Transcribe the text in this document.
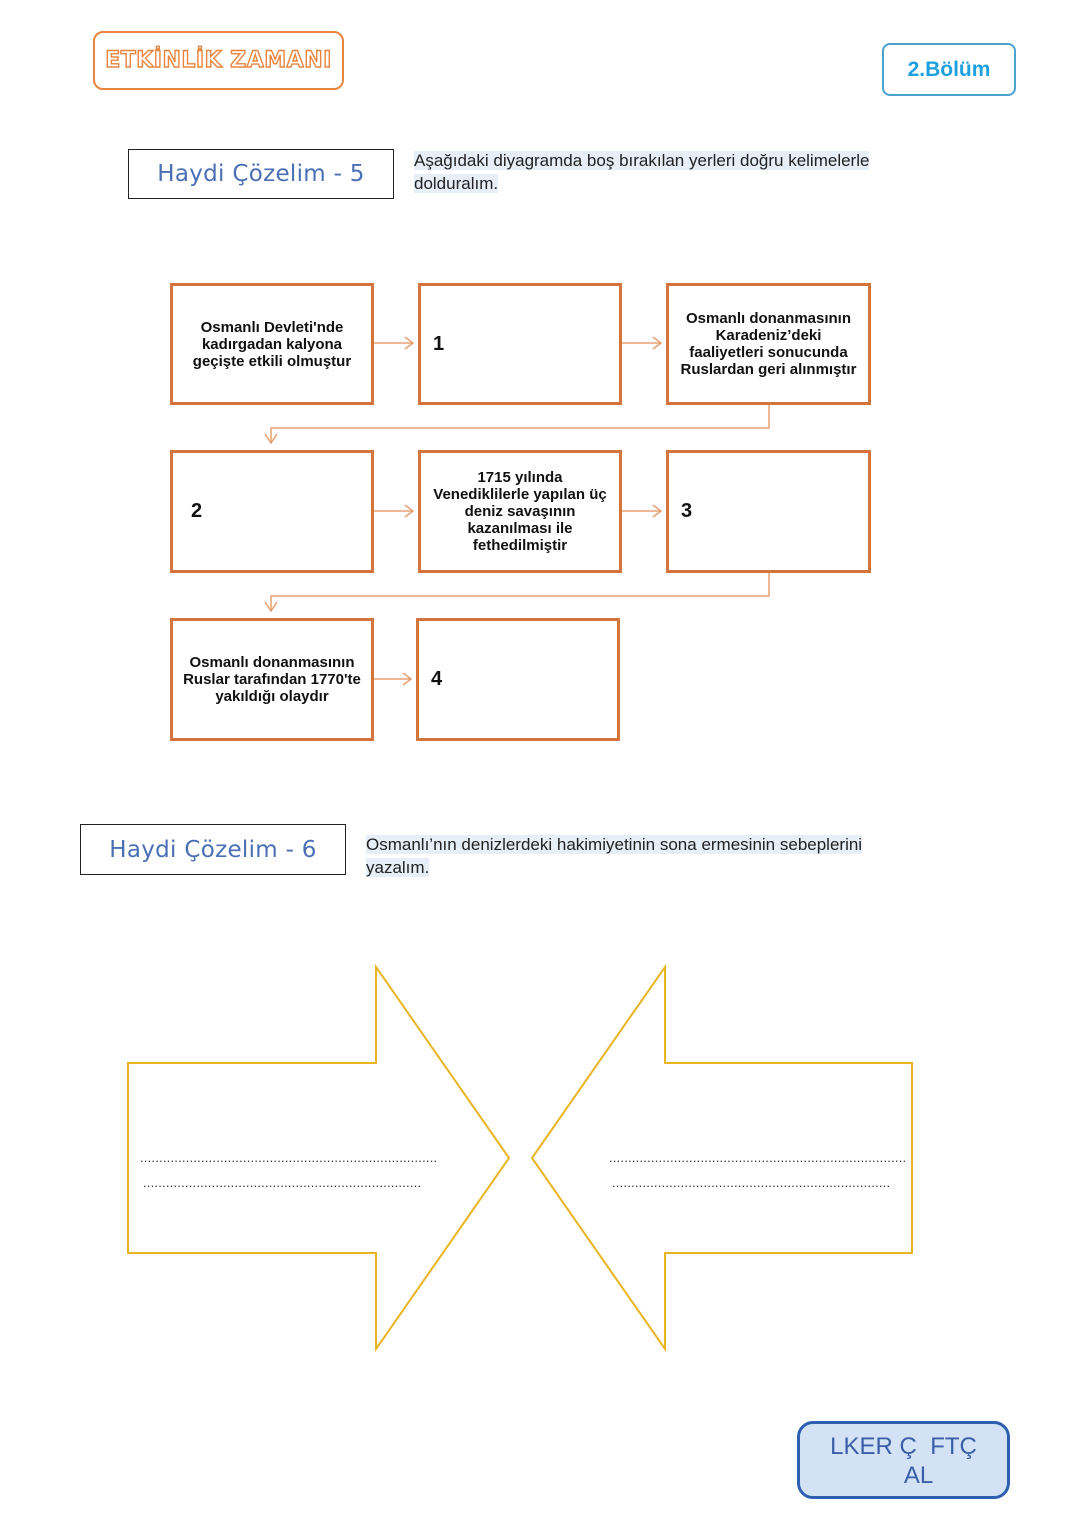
ETKİNLİK ZAMANI	2.Bölüm
Haydi Çözelim - 5
Aşağıdaki diyagramda boş bırakılan yerleri doğru kelimelerle dolduralım.
Osmanlı Devleti'nde kadırgadan kalyona geçişte etkili olmuştur
1
Osmanlı donanmasının Karadeniz’deki faaliyetleri sonucunda Ruslardan geri alınmıştır
2
1715 yılında Venediklilerle yapılan üç deniz savaşının kazanılması ile fethedilmiştir
3
Osmanlı donanmasının Ruslar tarafından 1770'te yakıldığı olaydır
4
Haydi Çözelim - 6	Osmanlı’nın denizlerdeki hakimiyetinin sona ermesinin sebeplerini yazalım.
..............................................................................
.........................................................................
..............................................................................
.........................................................................
LKER Ç  FTÇ
AL
